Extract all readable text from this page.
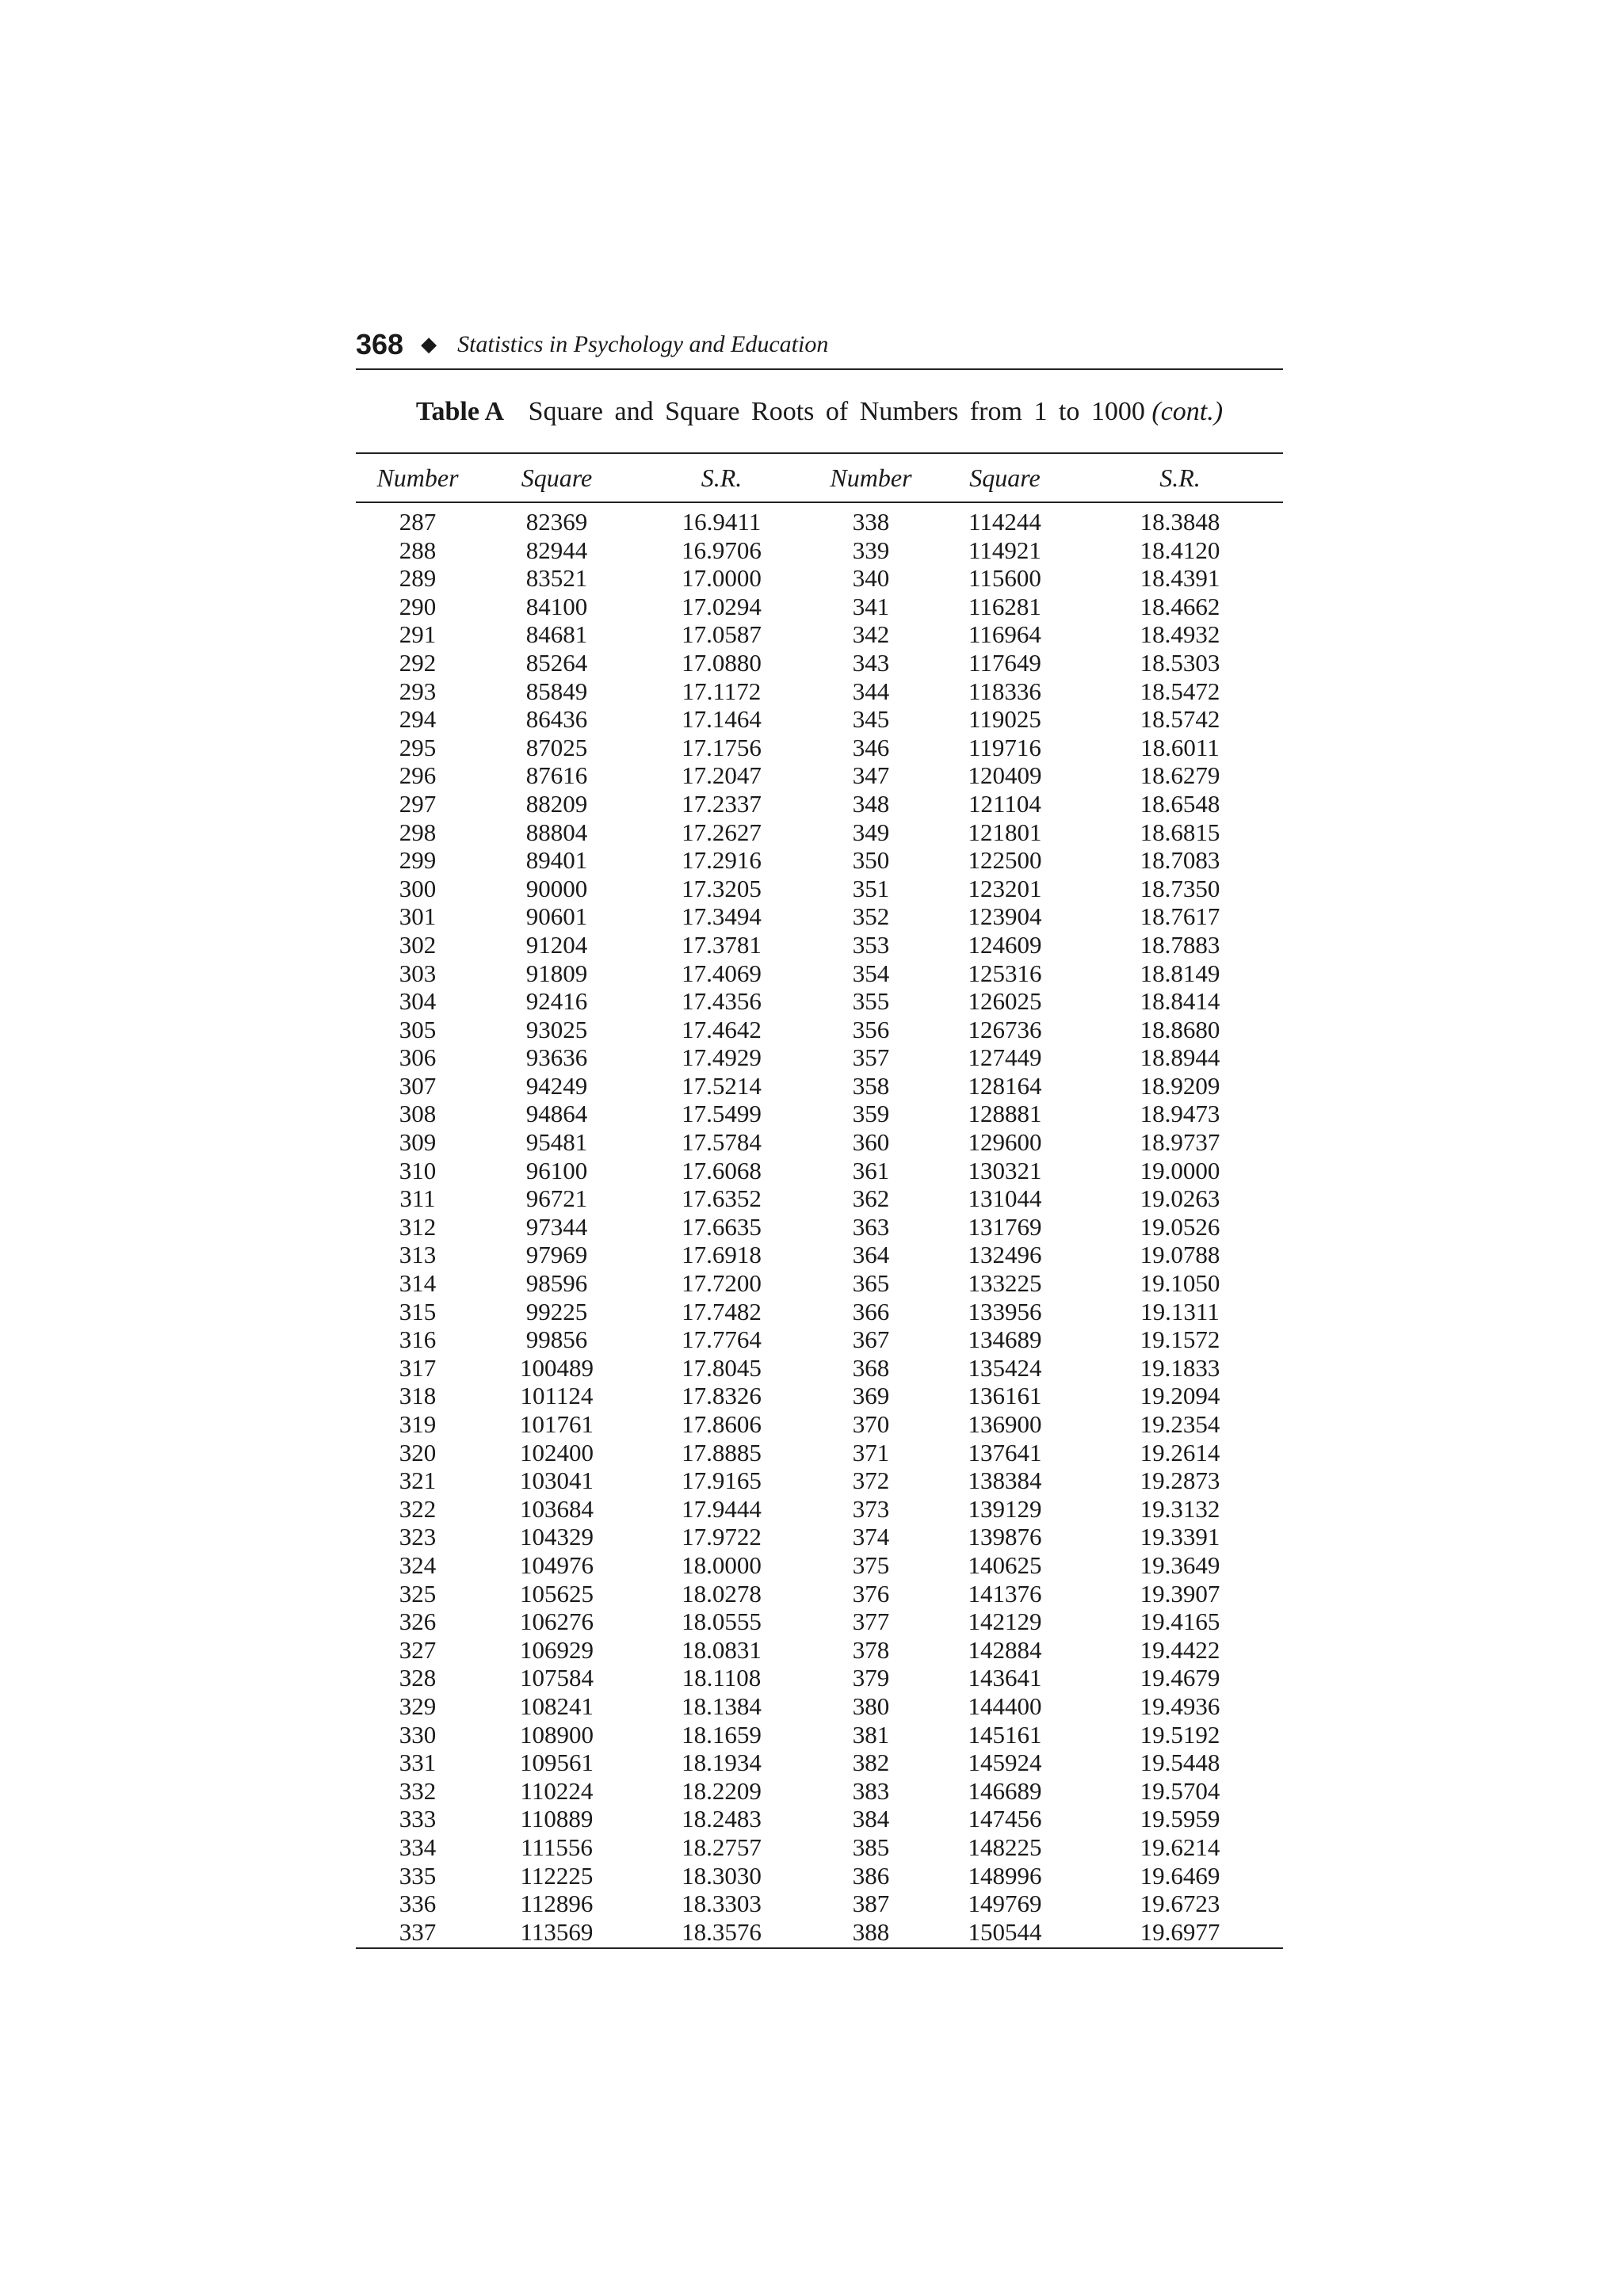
368 ◆ Statistics in Psychology and Education
Table A Square and Square Roots of Numbers from 1 to 1000 (cont.)
Number	Square	S.R.	Number	Square	S.R.
287	82369	16.9411	338	114244	18.3848
288	82944	16.9706	339	114921	18.4120
289	83521	17.0000	340	115600	18.4391
290	84100	17.0294	341	116281	18.4662
291	84681	17.0587	342	116964	18.4932
292	85264	17.0880	343	117649	18.5303
293	85849	17.1172	344	118336	18.5472
294	86436	17.1464	345	119025	18.5742
295	87025	17.1756	346	119716	18.6011
296	87616	17.2047	347	120409	18.6279
297	88209	17.2337	348	121104	18.6548
298	88804	17.2627	349	121801	18.6815
299	89401	17.2916	350	122500	18.7083
300	90000	17.3205	351	123201	18.7350
301	90601	17.3494	352	123904	18.7617
302	91204	17.3781	353	124609	18.7883
303	91809	17.4069	354	125316	18.8149
304	92416	17.4356	355	126025	18.8414
305	93025	17.4642	356	126736	18.8680
306	93636	17.4929	357	127449	18.8944
307	94249	17.5214	358	128164	18.9209
308	94864	17.5499	359	128881	18.9473
309	95481	17.5784	360	129600	18.9737
310	96100	17.6068	361	130321	19.0000
311	96721	17.6352	362	131044	19.0263
312	97344	17.6635	363	131769	19.0526
313	97969	17.6918	364	132496	19.0788
314	98596	17.7200	365	133225	19.1050
315	99225	17.7482	366	133956	19.1311
316	99856	17.7764	367	134689	19.1572
317	100489	17.8045	368	135424	19.1833
318	101124	17.8326	369	136161	19.2094
319	101761	17.8606	370	136900	19.2354
320	102400	17.8885	371	137641	19.2614
321	103041	17.9165	372	138384	19.2873
322	103684	17.9444	373	139129	19.3132
323	104329	17.9722	374	139876	19.3391
324	104976	18.0000	375	140625	19.3649
325	105625	18.0278	376	141376	19.3907
326	106276	18.0555	377	142129	19.4165
327	106929	18.0831	378	142884	19.4422
328	107584	18.1108	379	143641	19.4679
329	108241	18.1384	380	144400	19.4936
330	108900	18.1659	381	145161	19.5192
331	109561	18.1934	382	145924	19.5448
332	110224	18.2209	383	146689	19.5704
333	110889	18.2483	384	147456	19.5959
334	111556	18.2757	385	148225	19.6214
335	112225	18.3030	386	148996	19.6469
336	112896	18.3303	387	149769	19.6723
337	113569	18.3576	388	150544	19.6977
